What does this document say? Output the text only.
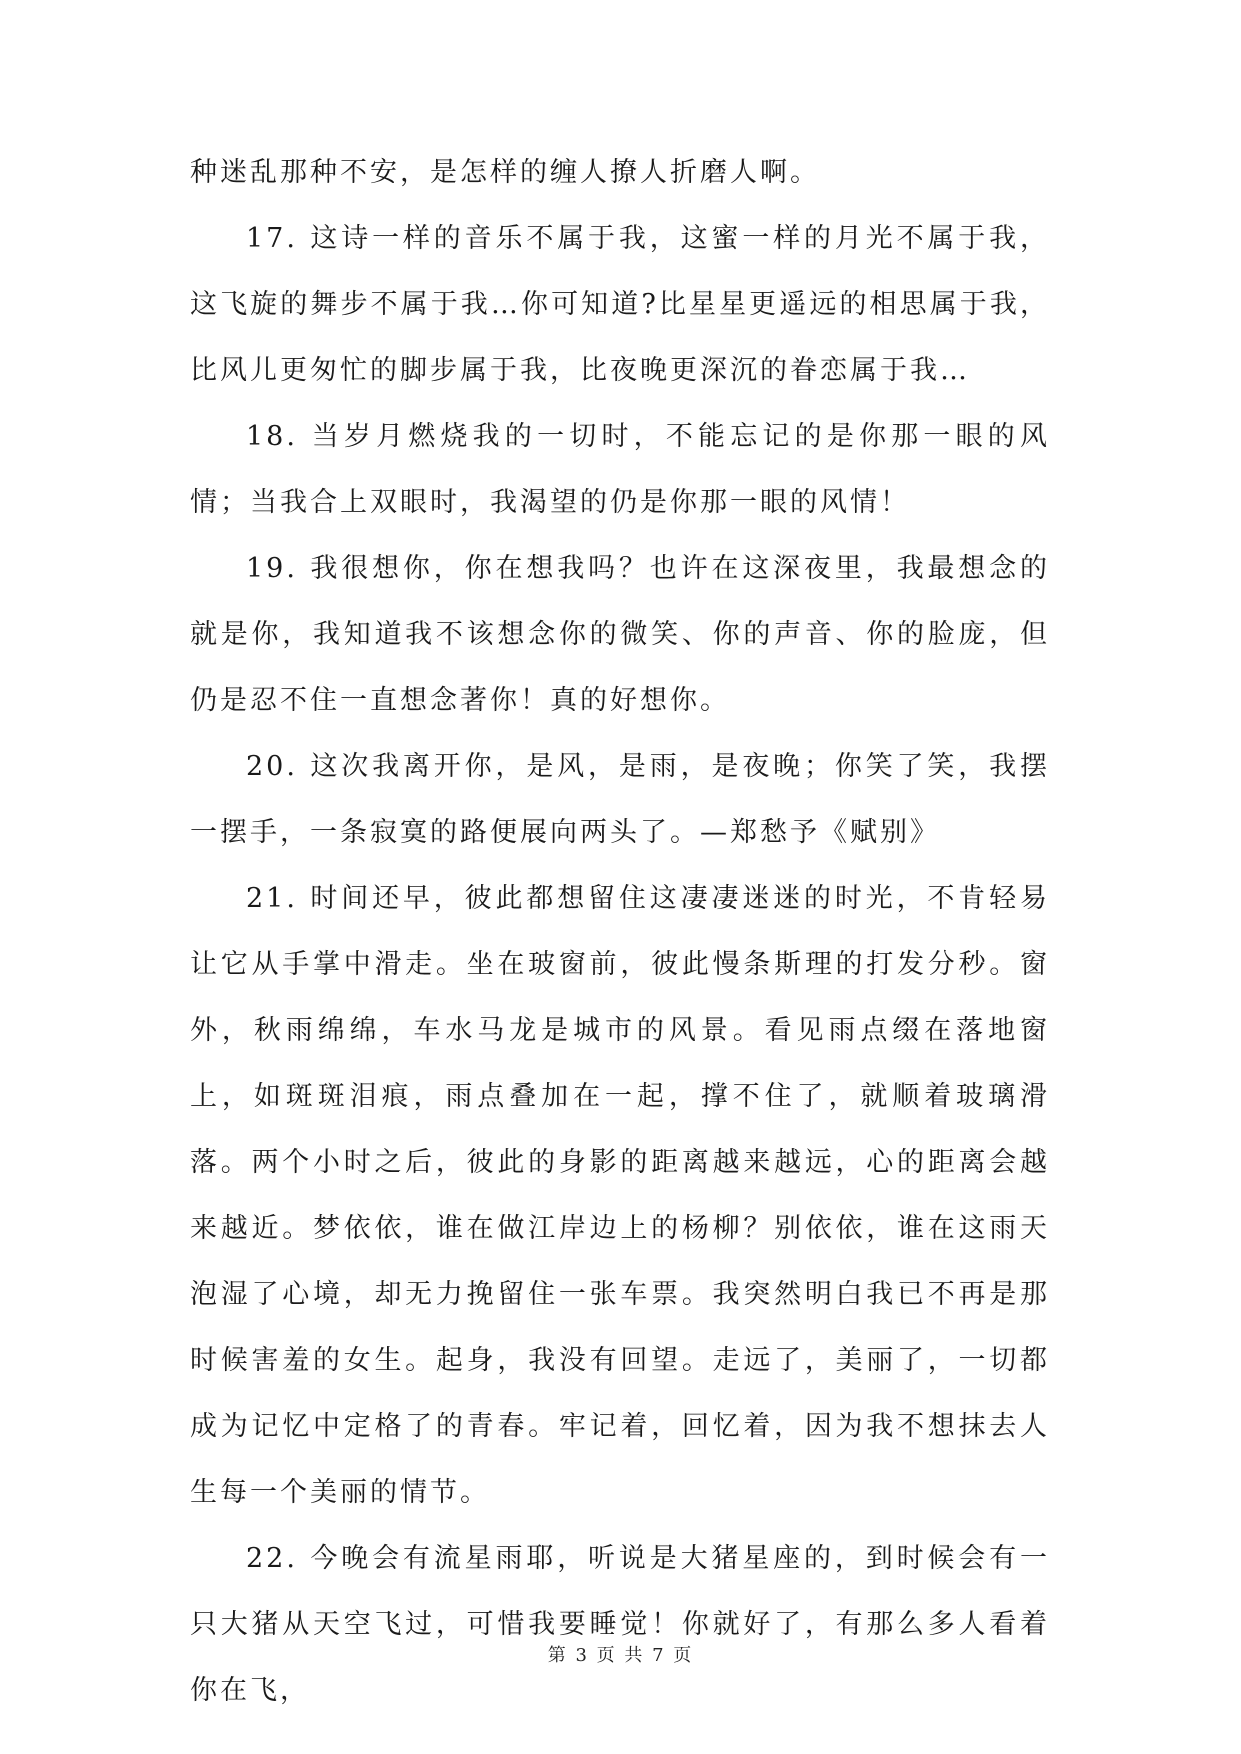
种迷乱那种不安，是怎样的缠人撩人折磨人啊。

17. 这诗一样的音乐不属于我，这蜜一样的月光不属于我，这飞旋的舞步不属于我…你可知道?比星星更遥远的相思属于我，比风儿更匆忙的脚步属于我，比夜晚更深沉的眷恋属于我…

18. 当岁月燃烧我的一切时，不能忘记的是你那一眼的风情；当我合上双眼时，我渴望的仍是你那一眼的风情！

19. 我很想你，你在想我吗？也许在这深夜里，我最想念的就是你，我知道我不该想念你的微笑、你的声音、你的脸庞，但仍是忍不住一直想念著你！真的好想你。

20. 这次我离开你，是风，是雨，是夜晚；你笑了笑，我摆一摆手，一条寂寞的路便展向两头了。—郑愁予《赋别》

21. 时间还早，彼此都想留住这凄凄迷迷的时光，不肯轻易让它从手掌中滑走。坐在玻窗前，彼此慢条斯理的打发分秒。窗外，秋雨绵绵，车水马龙是城市的风景。看见雨点缀在落地窗上，如斑斑泪痕，雨点叠加在一起，撑不住了，就顺着玻璃滑落。两个小时之后，彼此的身影的距离越来越远，心的距离会越来越近。梦依依，谁在做江岸边上的杨柳？别依依，谁在这雨天泡湿了心境，却无力挽留住一张车票。我突然明白我已不再是那时候害羞的女生。起身，我没有回望。走远了，美丽了，一切都成为记忆中定格了的青春。牢记着，回忆着，因为我不想抹去人生每一个美丽的情节。

22. 今晚会有流星雨耶，听说是大猪星座的，到时候会有一只大猪从天空飞过，可惜我要睡觉！你就好了，有那么多人看着你在飞，

第 3 页 共 7 页
